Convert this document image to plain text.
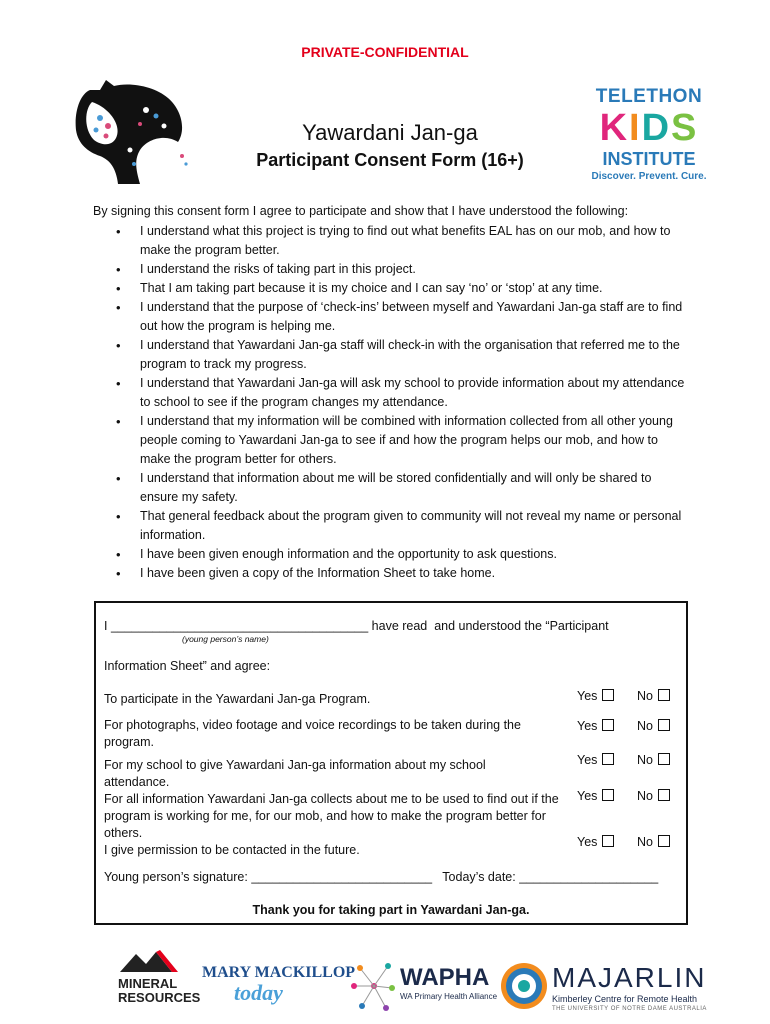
PRIVATE-CONFIDENTIAL
Yawardani Jan-ga
Participant Consent Form (16+)
TELETHON
KIDS
INSTITUTE
Discover. Prevent. Cure.
By signing this consent form I agree to participate and show that I have understood the following:
• I understand what this project is trying to find out what benefits EAL has on our mob, and how to make the program better.
• I understand the risks of taking part in this project.
• That I am taking part because it is my choice and I can say ‘no’ or ‘stop’ at any time.
• I understand that the purpose of ‘check-ins’ between myself and Yawardani Jan-ga staff are to find out how the program is helping me.
• I understand that Yawardani Jan-ga staff will check-in with the organisation that referred me to the program to track my progress.
• I understand that Yawardani Jan-ga will ask my school to provide information about my attendance to school to see if the program changes my attendance.
• I understand that my information will be combined with information collected from all other young people coming to Yawardani Jan-ga to see if and how the program helps our mob, and how to make the program better for others.
• I understand that information about me will be stored confidentially and will only be shared to ensure my safety.
• That general feedback about the program given to community will not reveal my name or personal information.
• I have been given enough information and the opportunity to ask questions.
• I have been given a copy of the Information Sheet to take home.
I _____________________________________ have read  and understood the “Participant
(young person’s name)
Information Sheet” and agree:
To participate in the Yawardani Jan-ga Program.	Yes	No
For photographs, video footage and voice recordings to be taken during the program.
Yes	No
For my school to give Yawardani Jan-ga information about my school attendance.
Yes	No
For all information Yawardani Jan-ga collects about me to be used to find out if the program is working for me, for our mob, and how to make the program better for others.
Yes	No
I give permission to be contacted in the future.
Yes	No
Young person’s signature: __________________________   Today’s date: ____________________
Thank you for taking part in Yawardani Jan-ga.
MINERAL
RESOURCES
MARY MACKILLOP
today
WAPHA
WA Primary Health Alliance
MAJARLIN
Kimberley Centre for Remote Health
THE UNIVERSITY OF NOTRE DAME AUSTRALIA
